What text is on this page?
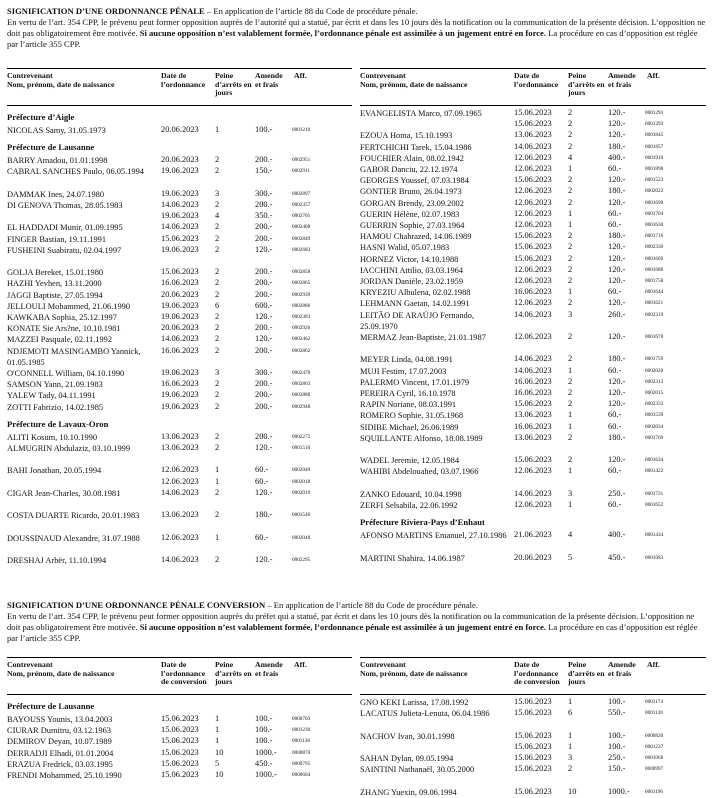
SIGNIFICATION D’UNE ORDONNANCE PÉNALE – En application de l’article 88 du Code de procédure pénale.

En vertu de l’art. 354 CPP, le prévenu peut former opposition auprès de l’autorité qui a statué, par écrit et dans les 10 jours dès la notification ou la communication de la présente décision. L’opposition ne doit pas obligatoirement être motivée. Si aucune opposition n’est valablement formée, l’ordonnance pénale est assimilée à un jugement entré en force. La procédure en cas d’opposition est réglée par l’article 355 CPP.

Contrevenant
Nom, prénom, date de naissance
Date de l’ordonnance
Peine d’arrêts en jours
Amende et frais
Aff.
Préfecture d’Aigle
NICOLAS Samy, 31.05.1973	20.06.2023 1	100.-	0001210
Préfecture de Lausanne
BARRY Amadou, 01.01.1998	20.06.2023 2	200.-	0002951
CABRAL SANCHES Paulo, 06.05.1994	19.06.2023 2	150.-	0002911
DAMMAK Ines, 24.07.1980	19.06.2023 3	300.-	0002897
DI GENOVA Thomas, 28.05.1983	14.06.2023 2	200.-	0002357
19.06.2023 4	350.-	0002701
EL HADDADI Munir, 01.09.1995	14.06.2023 2	200.-	0002408
FINGER Bastian, 19.11.1991	15.06.2023 2	200.-	0002849
FUSHEINI Suabiratu, 02.04.1997	19.06.2023 2	120.-	0002683
GOLJA Bereket, 15.01.1980	15.06.2023 2	200.-	0002858
HAZHI Yevhen, 13.11.2000	16.06.2023 2	200.-	0002865
JAGGI Baptiste, 27.05.1994	20.06.2023 2	200.-	0002939
JELLOULI Mohammed, 21.06.1990	19.06.2023 6	600.-	0002886
KAWKABA Sophia, 25.12.1997	19.06.2023 2	120.-	0002383
KONATE Sie Ars?ne, 10.10.1981	20.06.2023 2	200.-	0002926
MAZZEI Pasquale, 02.11.1992	14.06.2023 2	120.-	0002462
NDJEMOTI MASINGAMBO Yannick, 01.05.1985
16.06.2023 2	200.-	0002862
O'CONNELL William, 04.10.1990	19.06.2023 3	300.-	0002478
SAMSON Yann, 21.09.1983	16.06.2023 2	200.-	0002863
YALEW Tady, 04.11.1991	19.06.2023 2	200.-	0002888
ZOTTI Fabrizio, 14.02.1985	19.06.2023 2	200.-	0002948
Préfecture de Lavaux-Oron
ALITI Kosum, 10.10.1990	13.06.2023 2	200.-	0002272
ALMUGRIN Abdulaziz, 03.10.1999	13.06.2023 2	120.-	0001510
BAHI Jonathan, 20.05.1994	12.06.2023 1	60.-	0002049
12.06.2023 1	60.-	0002018
CIGAR Jean-Charles, 30.08.1981	14.06.2023 2	120.-	0002019
COSTA DUARTE Ricardo, 20.01.1983	13.06.2023 2	180.-	0001546
DOUSSINAUD Alexandre, 31.07.1988	12.06.2023 1	60.-	0002048
DRESHAJ Arbër, 11.10.1994	14.06.2023 2	120.-	0002295
Contrevenant
Nom, prénom, date de naissance
Date de l’ordonnance
Peine d’arrêts en jours
Amende et frais
Aff.
EVANGELISTA Marco, 07.09.1965	15.06.2023 2	120.-	0001293
15.06.2023 2	120.-	0001293
EZOUA Homa, 15.10.1993	13.06.2023 2	120.-	0001845
FERTCHICHI Tarek, 15.04.1986	14.06.2023 2	180.-	0001857
FOUCHIER Alain, 08.02.1942	12.06.2023 4	400.-	0001910
GABOR Danciu, 22.12.1974	12.06.2023 1	60.-	0001898
GEORGES Youssef, 07.03.1984	15.06.2023 2	120.-	0001523
GONTIER Bruno, 26.04.1973	12.06.2023 2	180.-	0002022
GORGAN Brendy, 23.09.2002	12.06.2023 2	120.-	0001690
GUERIN Hélène, 02.07.1983	12.06.2023 1	60.-	0001704
GUERRIN Sophie, 27.03.1964	12.06.2023 1	60.-	0001630
HAMOU Chahrazed, 14.06.1989	15.06.2023 2	180.-	0001716
HASNI Walid, 05.07.1983	15.06.2023 2	120.-	0002330
HORNEZ Victor, 14.10.1988	15.06.2023 2	120.-	0001669
IACCHINI Attilio, 03.03.1964	12.06.2023 2	120.-	0001680
JORDAN Danièle, 23.02.1959	12.06.2023 2	120.-	0001758
KRYEZIU Albulena, 02.02.1988	16.06.2023 1	60.-	0001644
LEHMANN Gaetan, 14.02.1991	12.06.2023 2	120.-	0001621
LEITÃO DE ARAÚJO Fernando, 25.09.1970
14.06.2023 3	260.-	0002319
MERMAZ Jean-Baptiste, 21.01.1987	12.06.2023 2	120.-	0001678
MEYER Linda, 04.08.1991	14.06.2023 2	180.-	0001759
MUJI Festim, 17.07.2003	14.06.2023 1	60.-	0002020
PALERMO Vincent, 17.01.1979	16.06.2023 2	120.-	0002313
PEREIRA Cyril, 16.10.1978	16.06.2023 2	120.-	0002015
RAPIN Noriane, 08.03.1991	15.06.2023 2	120.-	0002333
ROMERO Sophie, 31.05.1968	13.06.2023 1	60.-	0001539
SIDIBE Michael, 26.06.1989	16.06.2023 1	60.-	0002034
SQUILLANTE Alfonso, 18.08.1989	13.06.2023 2	180.-	0001769
WADEL Jeremie, 12.05.1984	15.06.2023 2	120.-	0001634
WAHIBI Abdelouahed, 03.07.1966	12.06.2023 1	60.-	0001422
ZANKO Edouard, 10.04.1998	14.06.2023 3	250.-	0001731
ZERFI Selsabila, 22.06.1992	12.06.2023 1	60.-	0001652
Préfecture Riviera-Pays d’Enhaut
AFONSO MARTINS Emanuel, 27.10.1986 21.06.2023 4	400.-	0001434
MARTINI Shahira, 14.06.1987	20.06.2023 5	450.-	0001683

SIGNIFICATION D’UNE ORDONNANCE PÉNALE CONVERSION – En application de l’article 88 du Code de procédure pénale.

En vertu de l’art. 354 CPP, le prévenu peut former opposition auprès du préfet qui a statué, par écrit et dans les 10 jours dès la notification ou la communication de la présente décision. L’opposition ne doit pas obligatoirement être motivée. Si aucune opposition n’est valablement formée, l’ordonnance pénale est assimilée à un jugement entré en force. La procédure en cas d’opposition est réglée par l’article 355 CPP.

Contrevenant
Nom, prénom, date de naissance
Date de l’ordonnance de conversion
Peine d’arrêts en jours
Amende et frais
Aff.
Préfecture de Lausanne
BAYOUSS Younis, 13.04.2003	15.06.2023 1	100.-	0000703
CIURAR Dumitru, 03.12.1963	15.06.2023 1	100.-	0001230
DEMIROV Deyan, 10.07.1989	15.06.2023 1	100.-	0001138
DERRADJI Elhadi, 01.01.2004	15.06.2023 10	1000.-	0000870
ERAZUA Fredrick, 03.03.1995	15.06.2023 5	450.-	0000795
FRENDI Mohammed, 25.10.1990	15.06.2023 10	1000.-	0000604
Contrevenant
Nom, prénom, date de naissance
Date de l’ordonnance de conversion
Peine d’arrêts en jours
Amende et frais
Aff.
GNO KEKI Larissa, 17.08.1992	15.06.2023 1	100.-	0001174
LACATUS Julieta-Lenuta, 06.04.1986	15.06.2023 6	550.-	0001136
NACHOV Ivan, 30.01.1998	15.06.2023 1	100.-	0000820
15.06.2023 1	100.-	0001237
SAHAN Dylan, 09.05.1994	15.06.2023 3	250.-	0001068
SAINTINI Nathanaël, 30.05.2000	15.06.2023 2	150.-	0000997
ZHANG Yuexin, 09.06.1994	15.06.2023 10	1000.-	0001196
